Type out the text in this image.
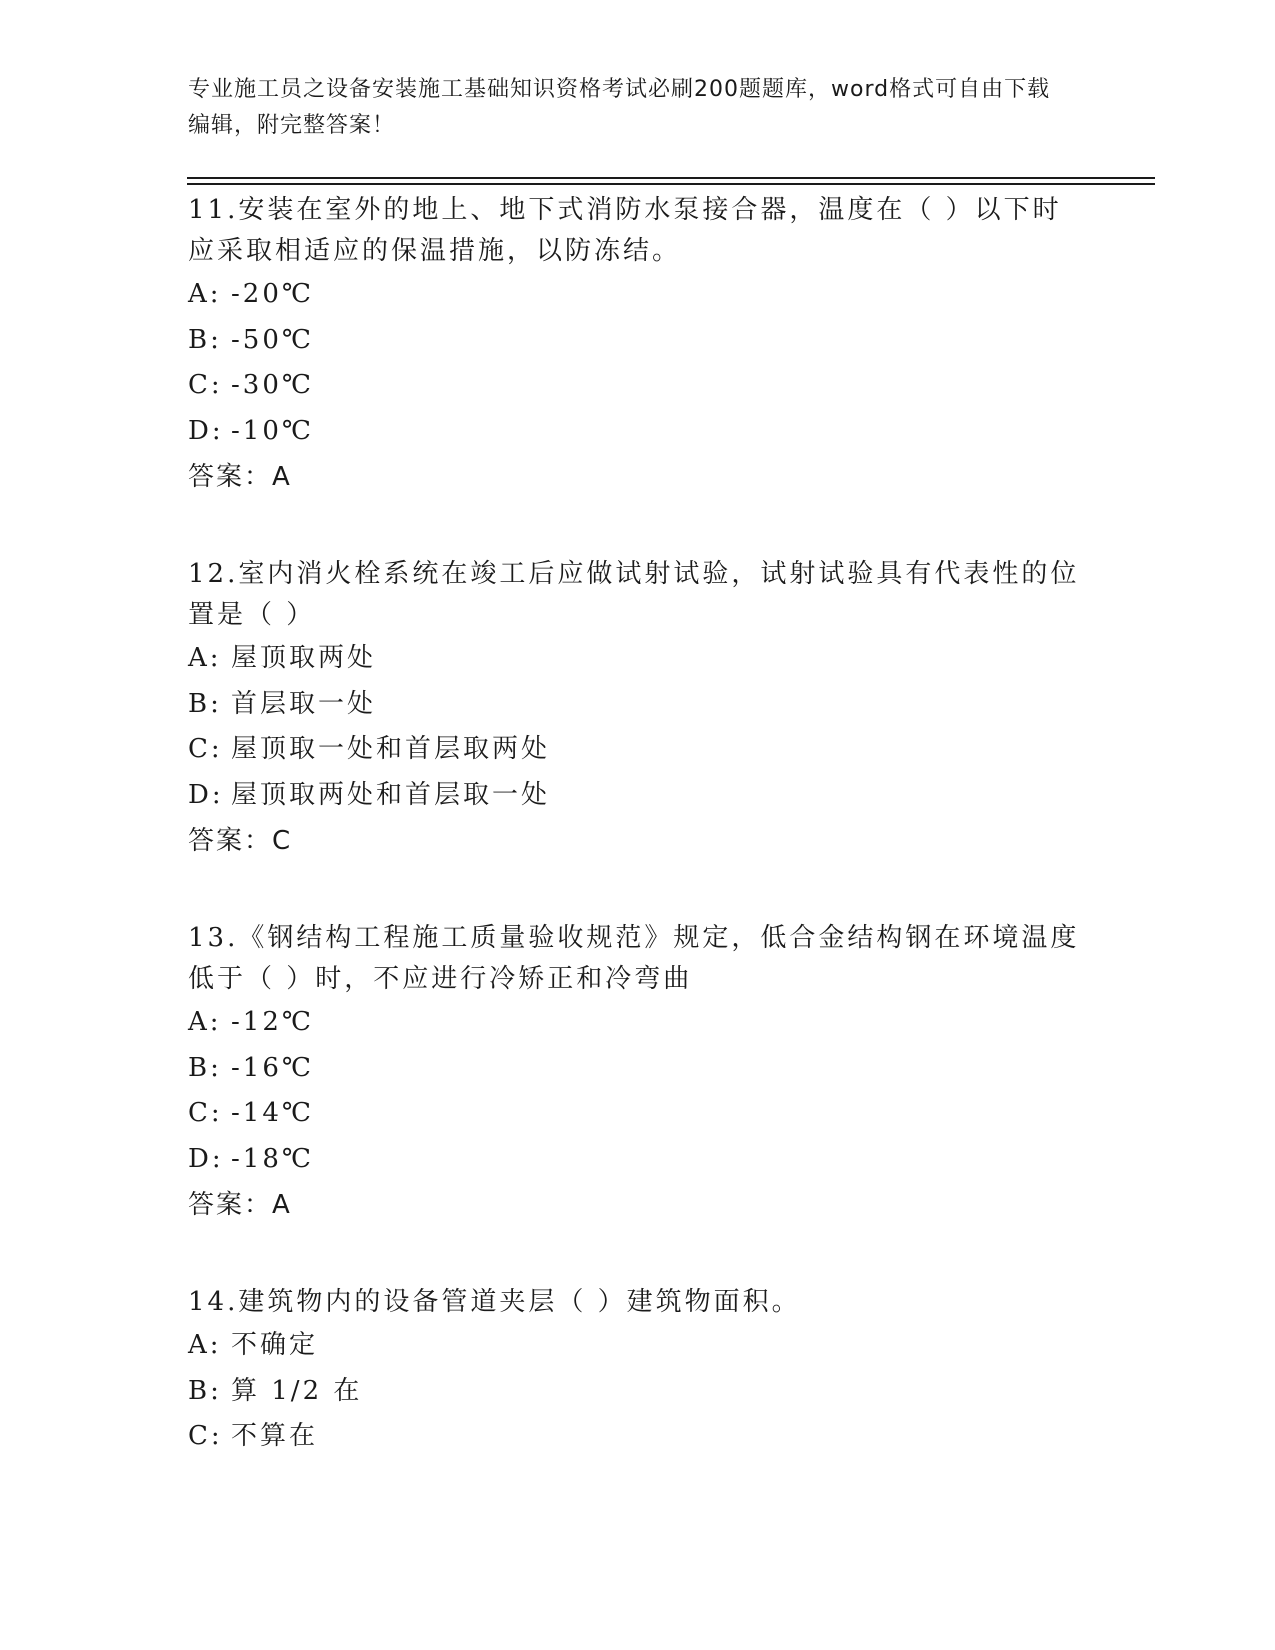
专业施工员之设备安装施工基础知识资格考试必刷200题题库，word格式可自由下载编辑，附完整答案！

11.安装在室外的地上、地下式消防水泵接合器，温度在（ ）以下时应采取相适应的保温措施，以防冻结。

A: -20℃
B: -50℃
C: -30℃
D: -10℃
答案：A

12.室内消火栓系统在竣工后应做试射试验，试射试验具有代表性的位置是（ ）

A: 屋顶取两处
B: 首层取一处
C: 屋顶取一处和首层取两处
D: 屋顶取两处和首层取一处
答案：C

13.《钢结构工程施工质量验收规范》规定，低合金结构钢在环境温度低于（ ）时，不应进行冷矫正和冷弯曲

A: -12℃
B: -16℃
C: -14℃
D: -18℃
答案：A

14.建筑物内的设备管道夹层（ ）建筑物面积。

A: 不确定
B: 算 1/2 在
C: 不算在
